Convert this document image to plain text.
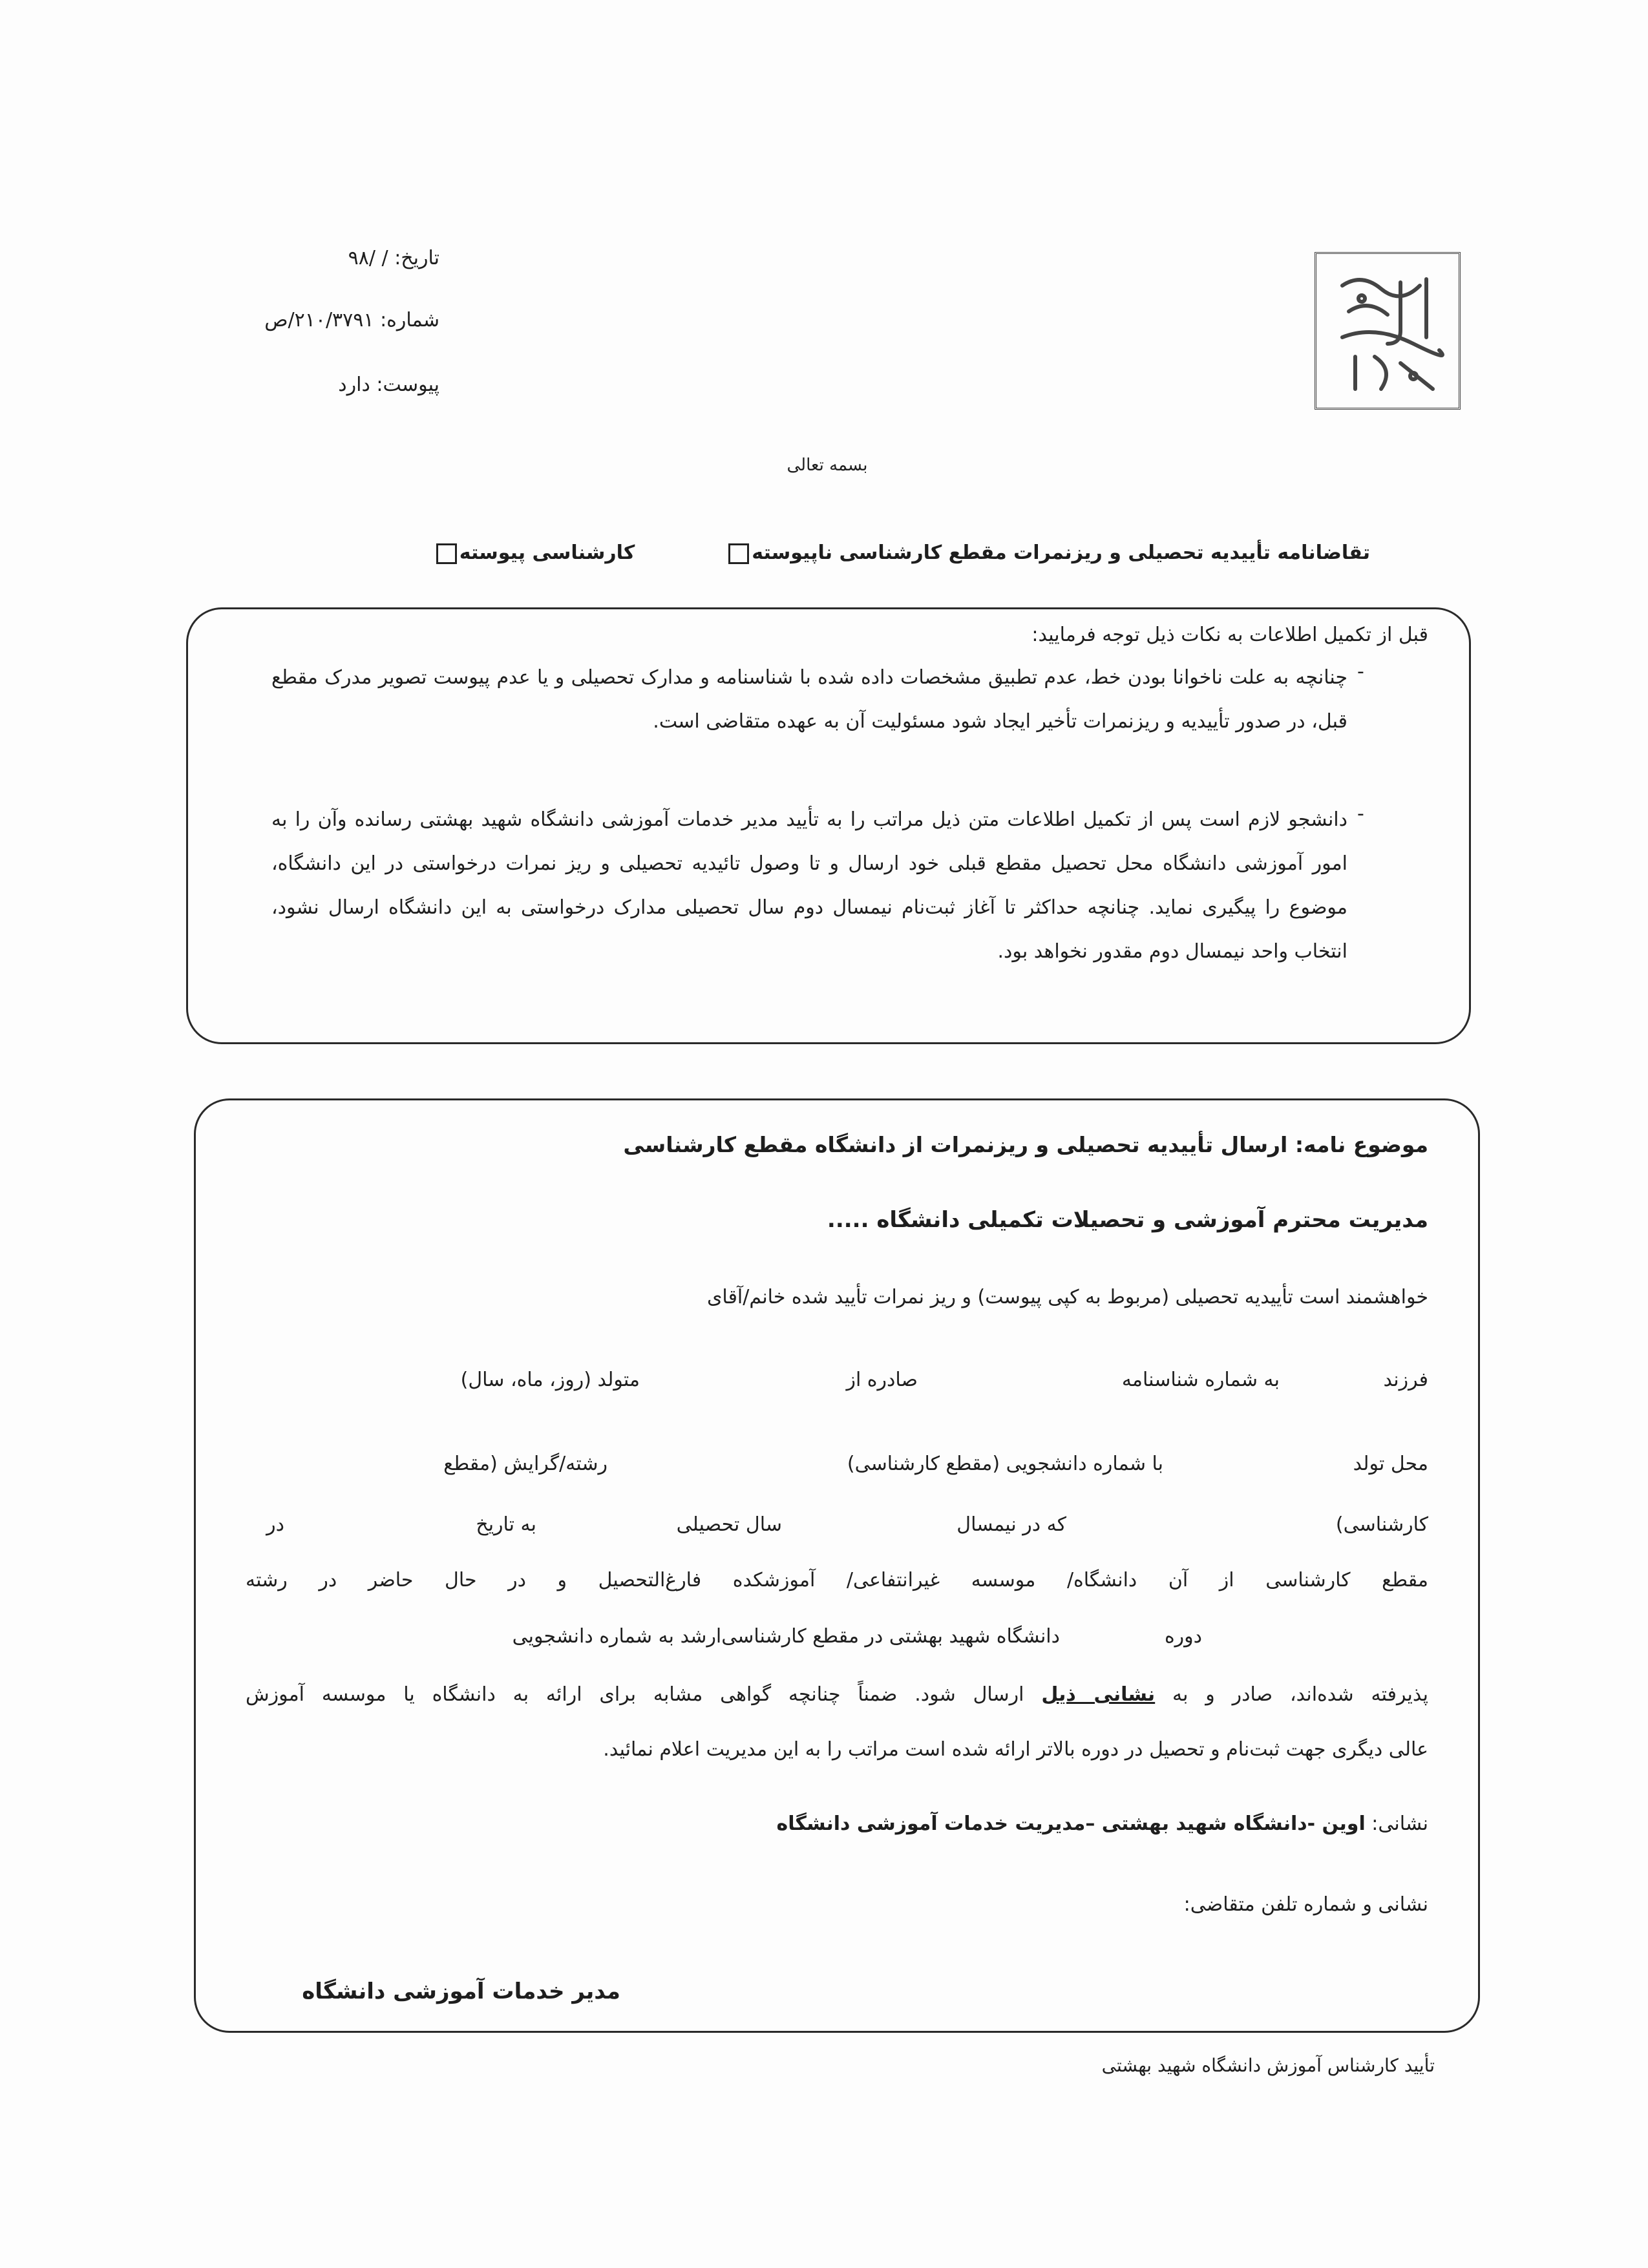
تاریخ: / /۹۸
شماره: ۲۱۰/۳۷۹۱/ص
پیوست: دارد
بسمه تعالی
تقاضانامه تأییدیه تحصیلی و ریزنمرات مقطع کارشناسی ناپیوسته  کارشناسی پیوسته
قبل از تکمیل اطلاعات به نکات ذیل توجه فرمایید:
چنانچه به علت ناخوانا بودن خط، عدم تطبیق مشخصات داده شده با شناسنامه و مدارک تحصیلی و یا عدم پیوست تصویر مدرک مقطع قبل، در صدور تأییدیه و ریزنمرات تأخیر ایجاد شود مسئولیت آن به عهده متقاضی است.
-
دانشجو لازم است پس از تکمیل اطلاعات متن ذیل مراتب را به تأیید مدیر خدمات آموزشی دانشگاه شهید بهشتی رسانده وآن را به امور آموزشی دانشگاه محل تحصیل مقطع قبلی خود ارسال و تا وصول تائیدیه تحصیلی و ریز نمرات درخواستی در این دانشگاه، موضوع را پیگیری نماید. چنانچه حداکثر تا آغاز ثبت‌نام نیمسال دوم سال تحصیلی مدارک درخواستی به این دانشگاه ارسال نشود، انتخاب واحد نیمسال دوم مقدور نخواهد بود.
-
موضوع نامه: ارسال تأییدیه تحصیلی و ریزنمرات از دانشگاه مقطع کارشناسی
مدیریت محترم آموزشی و تحصیلات تکمیلی دانشگاه .....
خواهشمند است تأییدیه تحصیلی (مربوط به کپی پیوست) و ریز نمرات تأیید شده خانم/آقای
فرزند
به شماره شناسنامه
صادره از
متولد (روز، ماه، سال)
محل تولد
با شماره دانشجویی (مقطع کارشناسی)
رشته/گرایش (مقطع
کارشناسی)
که در نیمسال
سال تحصیلی
به تاریخ
در
مقطع کارشناسی از آن دانشگاه/ موسسه غیرانتفاعی/ آموزشکده فارغ‌التحصیل و در حال حاضر در رشته
دوره
دانشگاه شهید بهشتی در مقطع کارشناسی‌ارشد به شماره دانشجویی
پذیرفته شده‌اند، صادر و به نشانی ذیل ارسال شود. ضمناً چنانچه گواهی مشابه برای ارائه به دانشگاه یا موسسه آموزش
عالی دیگری جهت ثبت‌نام و تحصیل در دوره بالاتر ارائه شده است مراتب را به این مدیریت اعلام نمائید.
نشانی: اوین -دانشگاه شهید بهشتی –مدیریت خدمات آموزشی دانشگاه
نشانی و شماره تلفن متقاضی:
مدیر خدمات آموزشی دانشگاه
تأیید کارشناس آموزش دانشگاه شهید بهشتی
